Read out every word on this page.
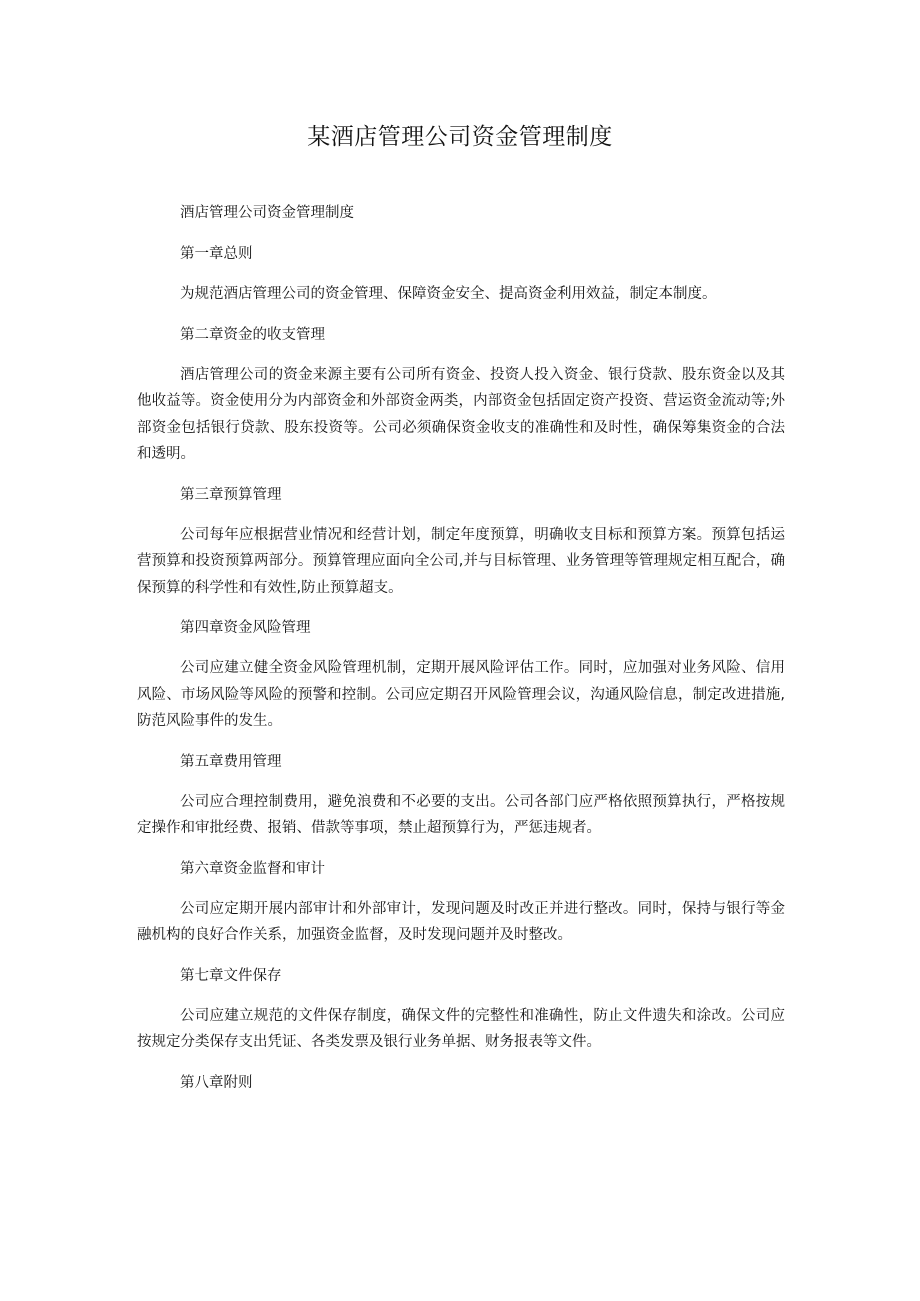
某酒店管理公司资金管理制度

酒店管理公司资金管理制度

第一章总则

为规范酒店管理公司的资金管理、保障资金安全、提高资金利用效益，制定本制度。

第二章资金的收支管理

酒店管理公司的资金来源主要有公司所有资金、投资人投入资金、银行贷款、股东资金以及其他收益等。资金使用分为内部资金和外部资金两类，内部资金包括固定资产投资、营运资金流动等;外部资金包括银行贷款、股东投资等。公司必须确保资金收支的准确性和及时性，确保筹集资金的合法和透明。

第三章预算管理

公司每年应根据营业情况和经营计划，制定年度预算，明确收支目标和预算方案。预算包括运营预算和投资预算两部分。预算管理应面向全公司,并与目标管理、业务管理等管理规定相互配合，确保预算的科学性和有效性,防止预算超支。

第四章资金风险管理

公司应建立健全资金风险管理机制，定期开展风险评估工作。同时，应加强对业务风险、信用风险、市场风险等风险的预警和控制。公司应定期召开风险管理会议，沟通风险信息，制定改进措施,防范风险事件的发生。

第五章费用管理

公司应合理控制费用，避免浪费和不必要的支出。公司各部门应严格依照预算执行，严格按规定操作和审批经费、报销、借款等事项，禁止超预算行为，严惩违规者。

第六章资金监督和审计

公司应定期开展内部审计和外部审计，发现问题及时改正并进行整改。同时，保持与银行等金融机构的良好合作关系，加强资金监督，及时发现问题并及时整改。

第七章文件保存

公司应建立规范的文件保存制度，确保文件的完整性和准确性，防止文件遗失和涂改。公司应按规定分类保存支出凭证、各类发票及银行业务单据、财务报表等文件。

第八章附则
